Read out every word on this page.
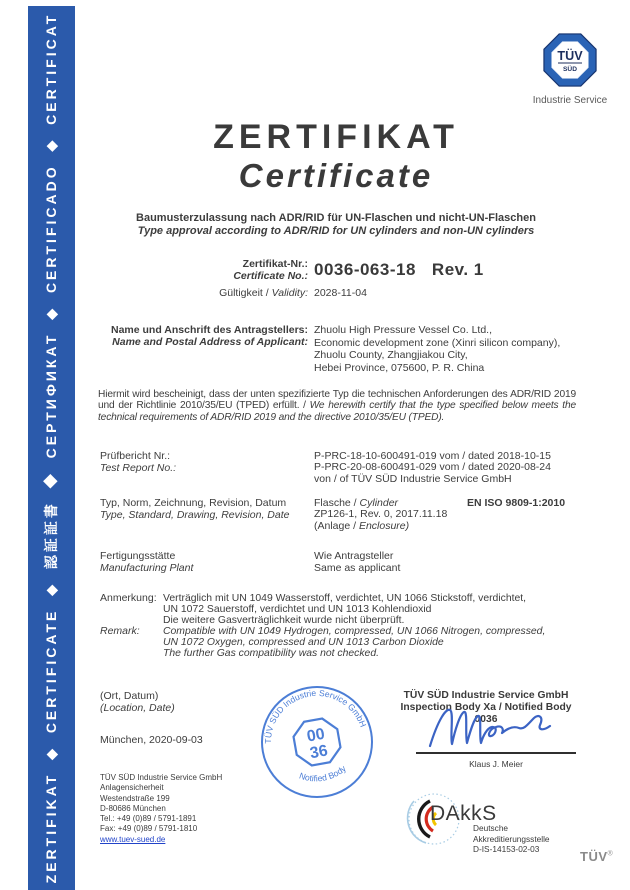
ZERTIFIKAT ◆ CERTIFICATE ◆ 認証証書 ◆ СЕРТИФИКАТ ◆ CERTIFICADO ◆ CERTIFICAT	TÜV
SÜD
Industrie Service
ZERTIFIKAT
Certificate
Baumusterzulassung nach ADR/RID für UN-Flaschen und nicht-UN-Flaschen
Type approval according to ADR/RID for UN cylinders and non-UN cylinders
Zertifikat-Nr.:
Certificate No.: 0036-063-18 Rev. 1
Gültigkeit / Validity: 2028-11-04
Name und Anschrift des Antragstellers:
Name and Postal Address of Applicant:
Zhuolu High Pressure Vessel Co. Ltd.,
Economic development zone (Xinri silicon company),
Zhuolu County, Zhangjiakou City,
Hebei Province, 075600, P. R. China
Hiermit wird bescheinigt, dass der unten spezifizierte Typ die technischen Anforderungen des ADR/RID 2019 und der Richtlinie 2010/35/EU (TPED) erfüllt. / We herewith certify that the type specified below meets the technical requirements of ADR/RID 2019 and the directive 2010/35/EU (TPED).
Prüfbericht Nr.:
Test Report No.:
P-PRC-18-10-600491-019 vom / dated 2018-10-15
P-PRC-20-08-600491-029 vom / dated 2020-08-24
von / of TÜV SÜD Industrie Service GmbH
Typ, Norm, Zeichnung, Revision, Datum
Type, Standard, Drawing, Revision, Date
Flasche / Cylinder
ZP126-1, Rev. 0, 2017.11.18
(Anlage / Enclosure)
EN ISO 9809-1:2010
Fertigungsstätte
Manufacturing Plant
Wie Antragsteller
Same as applicant
Anmerkung: Verträglich mit UN 1049 Wasserstoff, verdichtet, UN 1066 Stickstoff, verdichtet,
UN 1072 Sauerstoff, verdichtet und UN 1013 Kohlendioxid
Die weitere Gasverträglichkeit wurde nicht überprüft.
Remark: Compatible with UN 1049 Hydrogen, compressed, UN 1066 Nitrogen, compressed,
UN 1072 Oxygen, compressed and UN 1013 Carbon Dioxide
The further Gas compatibility was not checked.
(Ort, Datum)
(Location, Date)
München, 2020-09-03	TÜV SÜD Industrie Service GmbH
Notified Body
00
36
TÜV SÜD Industrie Service GmbH
Inspection Body Xa / Notified Body 0036
Klaus J. Meier
TÜV SÜD Industrie Service GmbH
Anlagensicherheit
Westendstraße 199
D-80686 München
Tel.: +49 (0)89 / 5791-1891
Fax: +49 (0)89 / 5791-1810
www.tuev-sued.de
DAkkS
Deutsche
Akkreditierungsstelle
D-IS-14153-02-03	TÜV®
